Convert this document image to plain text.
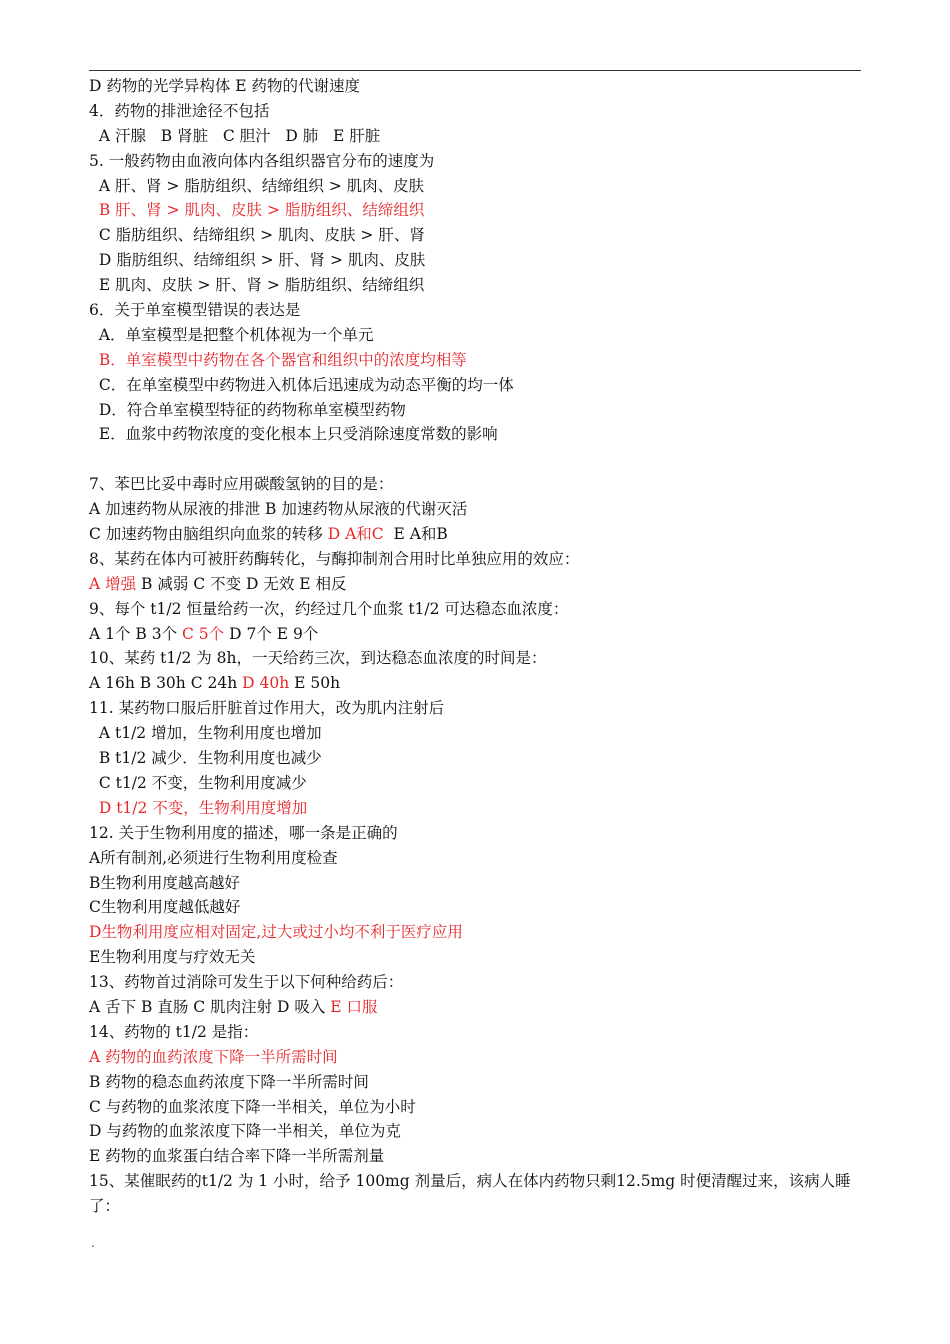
D 药物的光学异构体 E 药物的代谢速度
4．药物的排泄途径不包括
A 汗腺   B 肾脏   C 胆汁   D 肺   E 肝脏
5. 一般药物由血液向体内各组织器官分布的速度为
A 肝、肾 > 脂肪组织、结缔组织 > 肌肉、皮肤
B 肝、肾 > 肌肉、皮肤 > 脂肪组织、结缔组织
C 脂肪组织、结缔组织 > 肌肉、皮肤 > 肝、肾
D 脂肪组织、结缔组织 > 肝、肾 > 肌肉、皮肤
E 肌肉、皮肤 > 肝、肾 > 脂肪组织、结缔组织
6．关于单室模型错误的表达是
A．单室模型是把整个机体视为一个单元
B．单室模型中药物在各个器官和组织中的浓度均相等
C．在单室模型中药物进入机体后迅速成为动态平衡的均一体
D．符合单室模型特征的药物称单室模型药物
E．血浆中药物浓度的变化根本上只受消除速度常数的影响
7、苯巴比妥中毒时应用碳酸氢钠的目的是：
A 加速药物从尿液的排泄 B 加速药物从尿液的代谢灭活
C 加速药物由脑组织向血浆的转移 D A和C  E A和B
8、某药在体内可被肝药酶转化，与酶抑制剂合用时比单独应用的效应：
A 增强 B 减弱 C 不变 D 无效 E 相反
9、每个 t1/2 恒量给药一次，约经过几个血浆 t1/2 可达稳态血浓度：
A 1个 B 3个 C 5个 D 7个 E 9个
10、某药 t1/2 为 8h，一天给药三次，到达稳态血浓度的时间是：
A 16h B 30h C 24h D 40h E 50h
11. 某药物口服后肝脏首过作用大，改为肌内注射后
A t1/2 增加，生物利用度也增加
B t1/2 减少．生物利用度也减少
C t1/2 不变，生物利用度减少
D t1/2 不变，生物利用度增加
12. 关于生物利用度的描述，哪一条是正确的
A所有制剂,必须进行生物利用度检查
B生物利用度越高越好
C生物利用度越低越好
D生物利用度应相对固定,过大或过小均不利于医疗应用
E生物利用度与疗效无关
13、药物首过消除可发生于以下何种给药后：
A 舌下 B 直肠 C 肌肉注射 D 吸入 E 口服
14、药物的 t1/2 是指：
A 药物的血药浓度下降一半所需时间
B 药物的稳态血药浓度下降一半所需时间
C 与药物的血浆浓度下降一半相关，单位为小时
D 与药物的血浆浓度下降一半相关，单位为克
E 药物的血浆蛋白结合率下降一半所需剂量
15、某催眠药的t1/2 为 1 小时，给予 100mg 剂量后，病人在体内药物只剩12.5mg 时便清醒过来，该病人睡了：
.
